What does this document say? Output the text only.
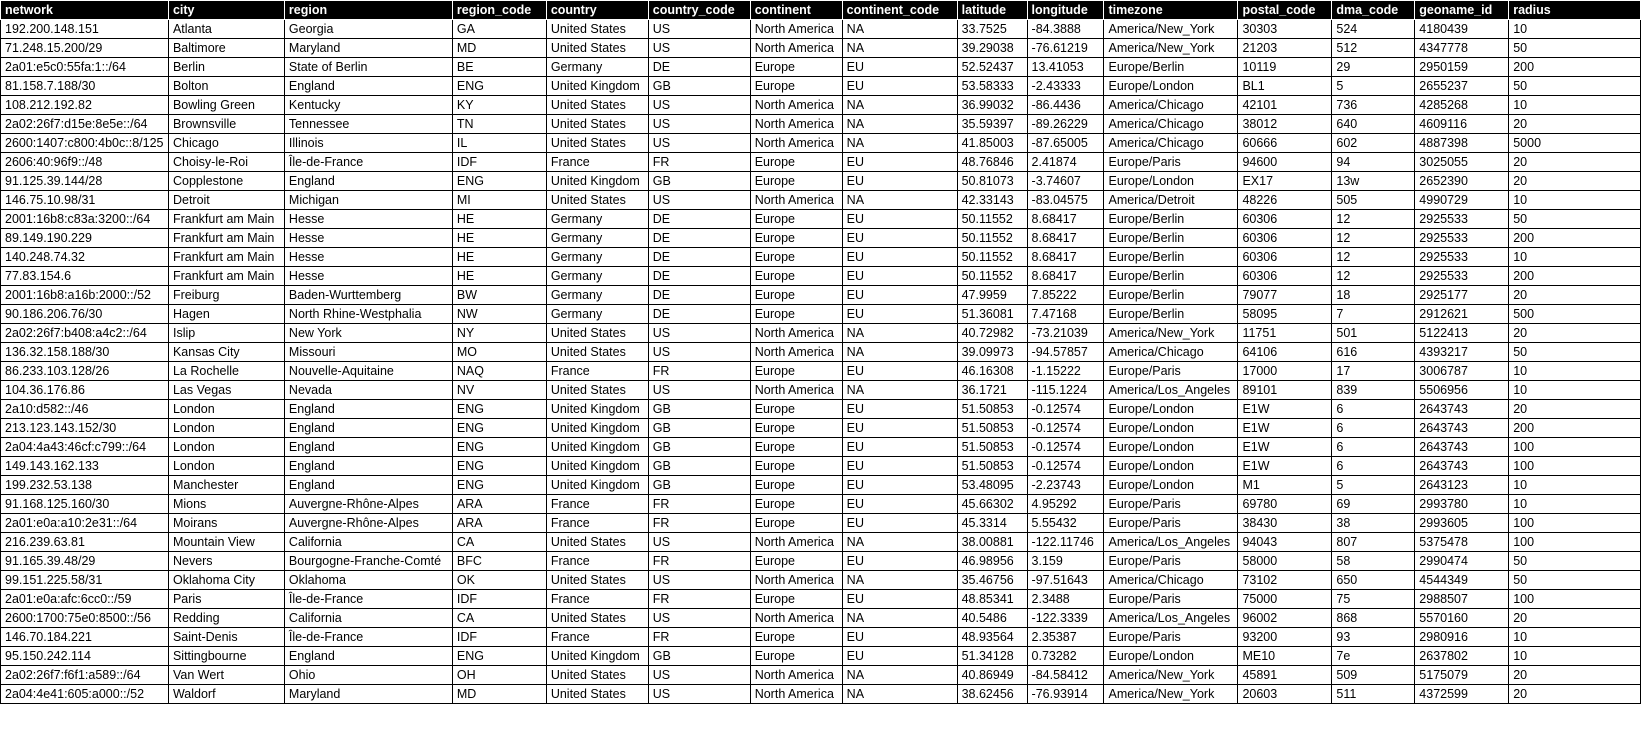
network	city	region	region_code	country	country_code	continent	continent_code	latitude	longitude	timezone	postal_code	dma_code	geoname_id	radius
192.200.148.151	Atlanta	Georgia	GA	United States	US	North America	NA	33.7525	-84.3888	America/New_York	30303	524	4180439	10
71.248.15.200/29	Baltimore	Maryland	MD	United States	US	North America	NA	39.29038	-76.61219	America/New_York	21203	512	4347778	50
2a01:e5c0:55fa:1::/64	Berlin	State of Berlin	BE	Germany	DE	Europe	EU	52.52437	13.41053	Europe/Berlin	10119	29	2950159	200
81.158.7.188/30	Bolton	England	ENG	United Kingdom	GB	Europe	EU	53.58333	-2.43333	Europe/London	BL1	5	2655237	50
108.212.192.82	Bowling Green	Kentucky	KY	United States	US	North America	NA	36.99032	-86.4436	America/Chicago	42101	736	4285268	10
2a02:26f7:d15e:8e5e::/64	Brownsville	Tennessee	TN	United States	US	North America	NA	35.59397	-89.26229	America/Chicago	38012	640	4609116	20
2600:1407:c800:4b0c::8/125	Chicago	Illinois	IL	United States	US	North America	NA	41.85003	-87.65005	America/Chicago	60666	602	4887398	5000
2606:40:96f9::/48	Choisy-le-Roi	Île-de-France	IDF	France	FR	Europe	EU	48.76846	2.41874	Europe/Paris	94600	94	3025055	20
91.125.39.144/28	Copplestone	England	ENG	United Kingdom	GB	Europe	EU	50.81073	-3.74607	Europe/London	EX17	13w	2652390	20
146.75.10.98/31	Detroit	Michigan	MI	United States	US	North America	NA	42.33143	-83.04575	America/Detroit	48226	505	4990729	10
2001:16b8:c83a:3200::/64	Frankfurt am Main	Hesse	HE	Germany	DE	Europe	EU	50.11552	8.68417	Europe/Berlin	60306	12	2925533	50
89.149.190.229	Frankfurt am Main	Hesse	HE	Germany	DE	Europe	EU	50.11552	8.68417	Europe/Berlin	60306	12	2925533	200
140.248.74.32	Frankfurt am Main	Hesse	HE	Germany	DE	Europe	EU	50.11552	8.68417	Europe/Berlin	60306	12	2925533	10
77.83.154.6	Frankfurt am Main	Hesse	HE	Germany	DE	Europe	EU	50.11552	8.68417	Europe/Berlin	60306	12	2925533	200
2001:16b8:a16b:2000::/52	Freiburg	Baden-Wurttemberg	BW	Germany	DE	Europe	EU	47.9959	7.85222	Europe/Berlin	79077	18	2925177	20
90.186.206.76/30	Hagen	North Rhine-Westphalia	NW	Germany	DE	Europe	EU	51.36081	7.47168	Europe/Berlin	58095	7	2912621	500
2a02:26f7:b408:a4c2::/64	Islip	New York	NY	United States	US	North America	NA	40.72982	-73.21039	America/New_York	11751	501	5122413	20
136.32.158.188/30	Kansas City	Missouri	MO	United States	US	North America	NA	39.09973	-94.57857	America/Chicago	64106	616	4393217	50
86.233.103.128/26	La Rochelle	Nouvelle-Aquitaine	NAQ	France	FR	Europe	EU	46.16308	-1.15222	Europe/Paris	17000	17	3006787	10
104.36.176.86	Las Vegas	Nevada	NV	United States	US	North America	NA	36.1721	-115.1224	America/Los_Angeles	89101	839	5506956	10
2a10:d582::/46	London	England	ENG	United Kingdom	GB	Europe	EU	51.50853	-0.12574	Europe/London	E1W	6	2643743	20
213.123.143.152/30	London	England	ENG	United Kingdom	GB	Europe	EU	51.50853	-0.12574	Europe/London	E1W	6	2643743	200
2a04:4a43:46cf:c799::/64	London	England	ENG	United Kingdom	GB	Europe	EU	51.50853	-0.12574	Europe/London	E1W	6	2643743	100
149.143.162.133	London	England	ENG	United Kingdom	GB	Europe	EU	51.50853	-0.12574	Europe/London	E1W	6	2643743	100
199.232.53.138	Manchester	England	ENG	United Kingdom	GB	Europe	EU	53.48095	-2.23743	Europe/London	M1	5	2643123	10
91.168.125.160/30	Mions	Auvergne-Rhône-Alpes	ARA	France	FR	Europe	EU	45.66302	4.95292	Europe/Paris	69780	69	2993780	10
2a01:e0a:a10:2e31::/64	Moirans	Auvergne-Rhône-Alpes	ARA	France	FR	Europe	EU	45.3314	5.55432	Europe/Paris	38430	38	2993605	100
216.239.63.81	Mountain View	California	CA	United States	US	North America	NA	38.00881	-122.11746	America/Los_Angeles	94043	807	5375478	100
91.165.39.48/29	Nevers	Bourgogne-Franche-Comté	BFC	France	FR	Europe	EU	46.98956	3.159	Europe/Paris	58000	58	2990474	50
99.151.225.58/31	Oklahoma City	Oklahoma	OK	United States	US	North America	NA	35.46756	-97.51643	America/Chicago	73102	650	4544349	50
2a01:e0a:afc:6cc0::/59	Paris	Île-de-France	IDF	France	FR	Europe	EU	48.85341	2.3488	Europe/Paris	75000	75	2988507	100
2600:1700:75e0:8500::/56	Redding	California	CA	United States	US	North America	NA	40.5486	-122.3339	America/Los_Angeles	96002	868	5570160	20
146.70.184.221	Saint-Denis	Île-de-France	IDF	France	FR	Europe	EU	48.93564	2.35387	Europe/Paris	93200	93	2980916	10
95.150.242.114	Sittingbourne	England	ENG	United Kingdom	GB	Europe	EU	51.34128	0.73282	Europe/London	ME10	7e	2637802	10
2a02:26f7:f6f1:a589::/64	Van Wert	Ohio	OH	United States	US	North America	NA	40.86949	-84.58412	America/New_York	45891	509	5175079	20
2a04:4e41:605:a000::/52	Waldorf	Maryland	MD	United States	US	North America	NA	38.62456	-76.93914	America/New_York	20603	511	4372599	20
